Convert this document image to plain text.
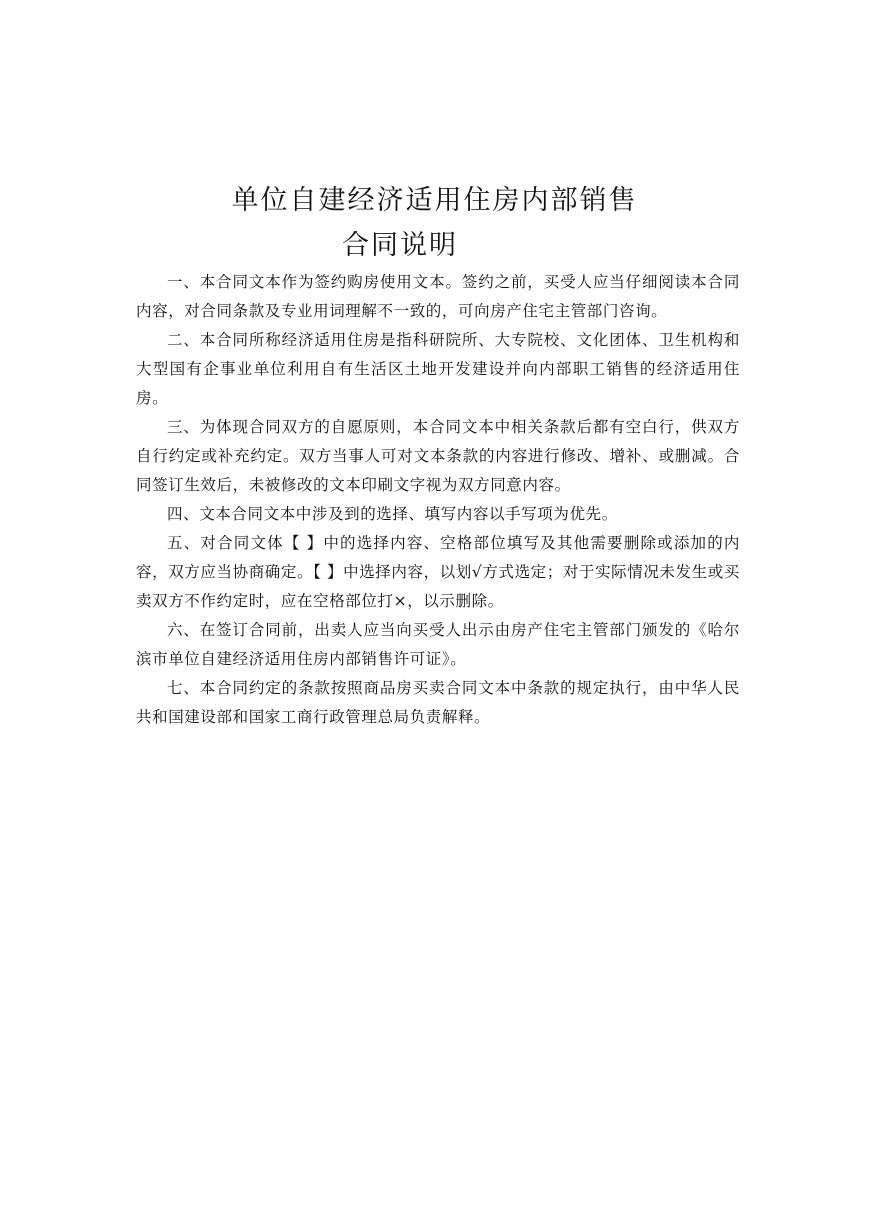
单位自建经济适用住房内部销售
合同说明

一、本合同文本作为签约购房使用文本。签约之前，买受人应当仔细阅读本合同内容，对合同条款及专业用词理解不一致的，可向房产住宅主管部门咨询。

二、本合同所称经济适用住房是指科研院所、大专院校、文化团体、卫生机构和大型国有企事业单位利用自有生活区土地开发建设并向内部职工销售的经济适用住房。

三、为体现合同双方的自愿原则，本合同文本中相关条款后都有空白行，供双方自行约定或补充约定。双方当事人可对文本条款的内容进行修改、增补、或删减。合同签订生效后，未被修改的文本印刷文字视为双方同意内容。

四、文本合同文本中涉及到的选择、填写内容以手写项为优先。

五、对合同文体【 】中的选择内容、空格部位填写及其他需要删除或添加的内容，双方应当协商确定。【 】中选择内容，以划√方式选定；对于实际情况未发生或买卖双方不作约定时，应在空格部位打×，以示删除。

六、在签订合同前，出卖人应当向买受人出示由房产住宅主管部门颁发的《哈尔滨市单位自建经济适用住房内部销售许可证》。

七、本合同约定的条款按照商品房买卖合同文本中条款的规定执行，由中华人民共和国建设部和国家工商行政管理总局负责解释。
